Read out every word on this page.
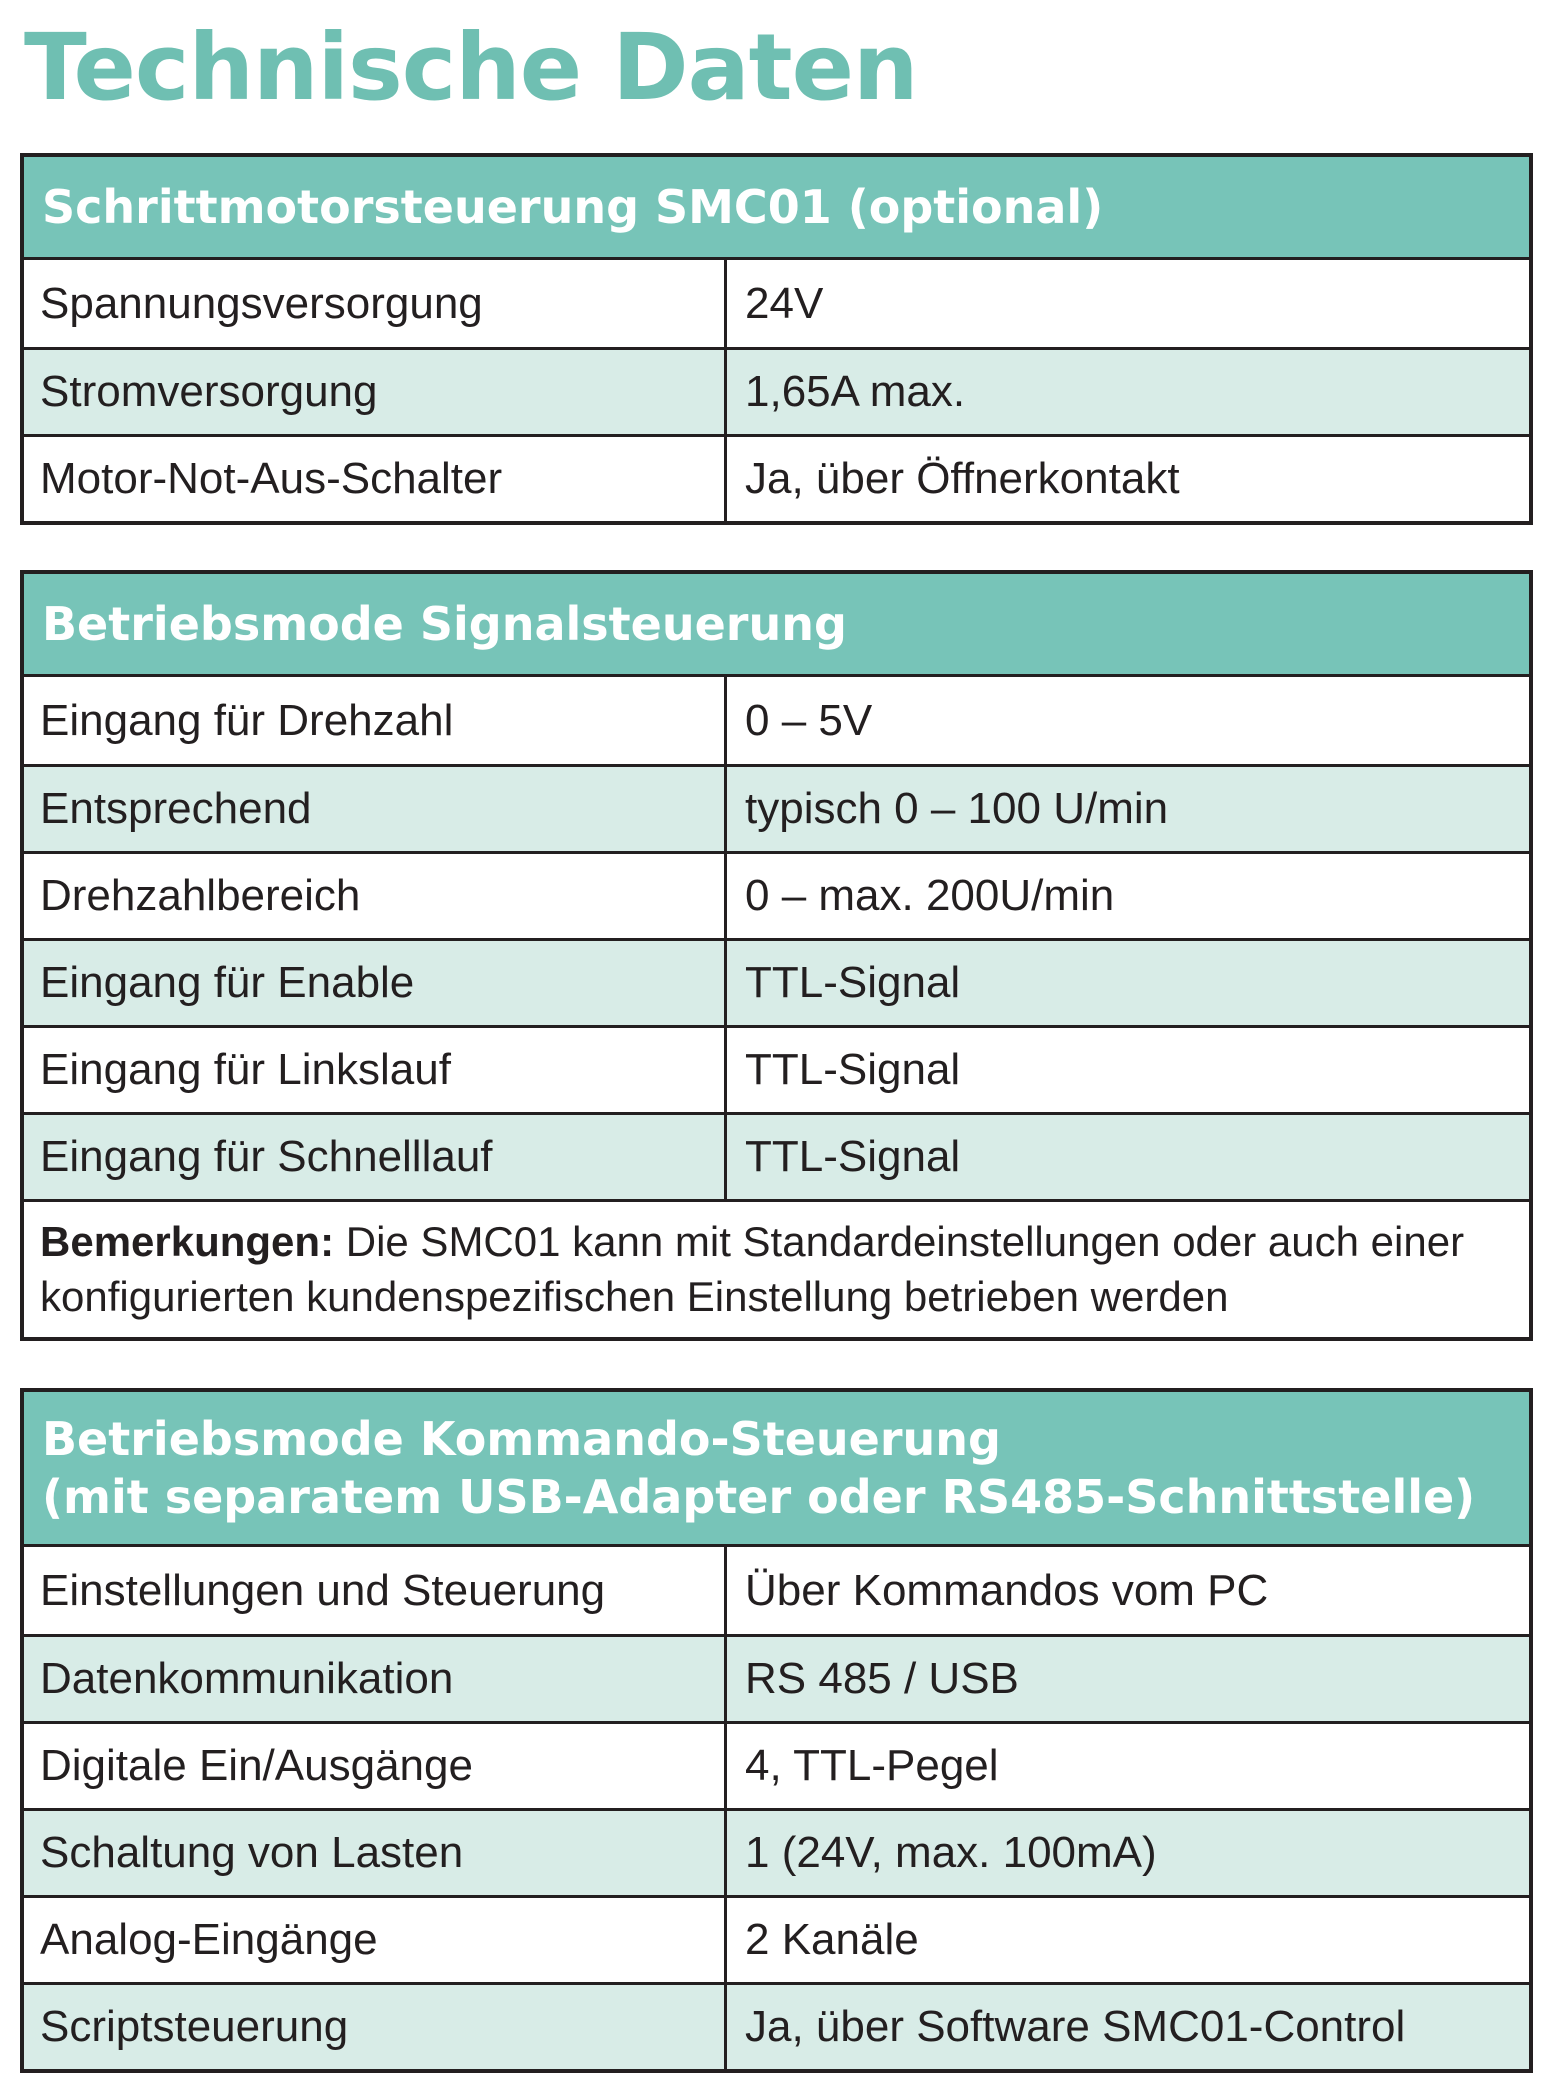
Technische Daten
Schrittmotorsteuerung SMC01 (optional)
Spannungsversorgung	24V
Stromversorgung	1,65A max.
Motor-Not-Aus-Schalter	Ja, über Öffnerkontakt
Betriebsmode Signalsteuerung
Eingang für Drehzahl	0 – 5V
Entsprechend	typisch 0 – 100 U/min
Drehzahlbereich	0 – max. 200U/min
Eingang für Enable	TTL-Signal
Eingang für Linkslauf	TTL-Signal
Eingang für Schnelllauf	TTL-Signal
Bemerkungen: Die SMC01 kann mit Standardeinstellungen oder auch einer konfigurierten kundenspezifischen Einstellung betrieben werden
Betriebsmode Kommando-Steuerung
(mit separatem USB-Adapter oder RS485-Schnittstelle)
Einstellungen und Steuerung	Über Kommandos vom PC
Datenkommunikation	RS 485 / USB
Digitale Ein/Ausgänge	4, TTL-Pegel
Schaltung von Lasten	1 (24V, max. 100mA)
Analog-Eingänge	2 Kanäle
Scriptsteuerung	Ja, über Software SMC01-Control
